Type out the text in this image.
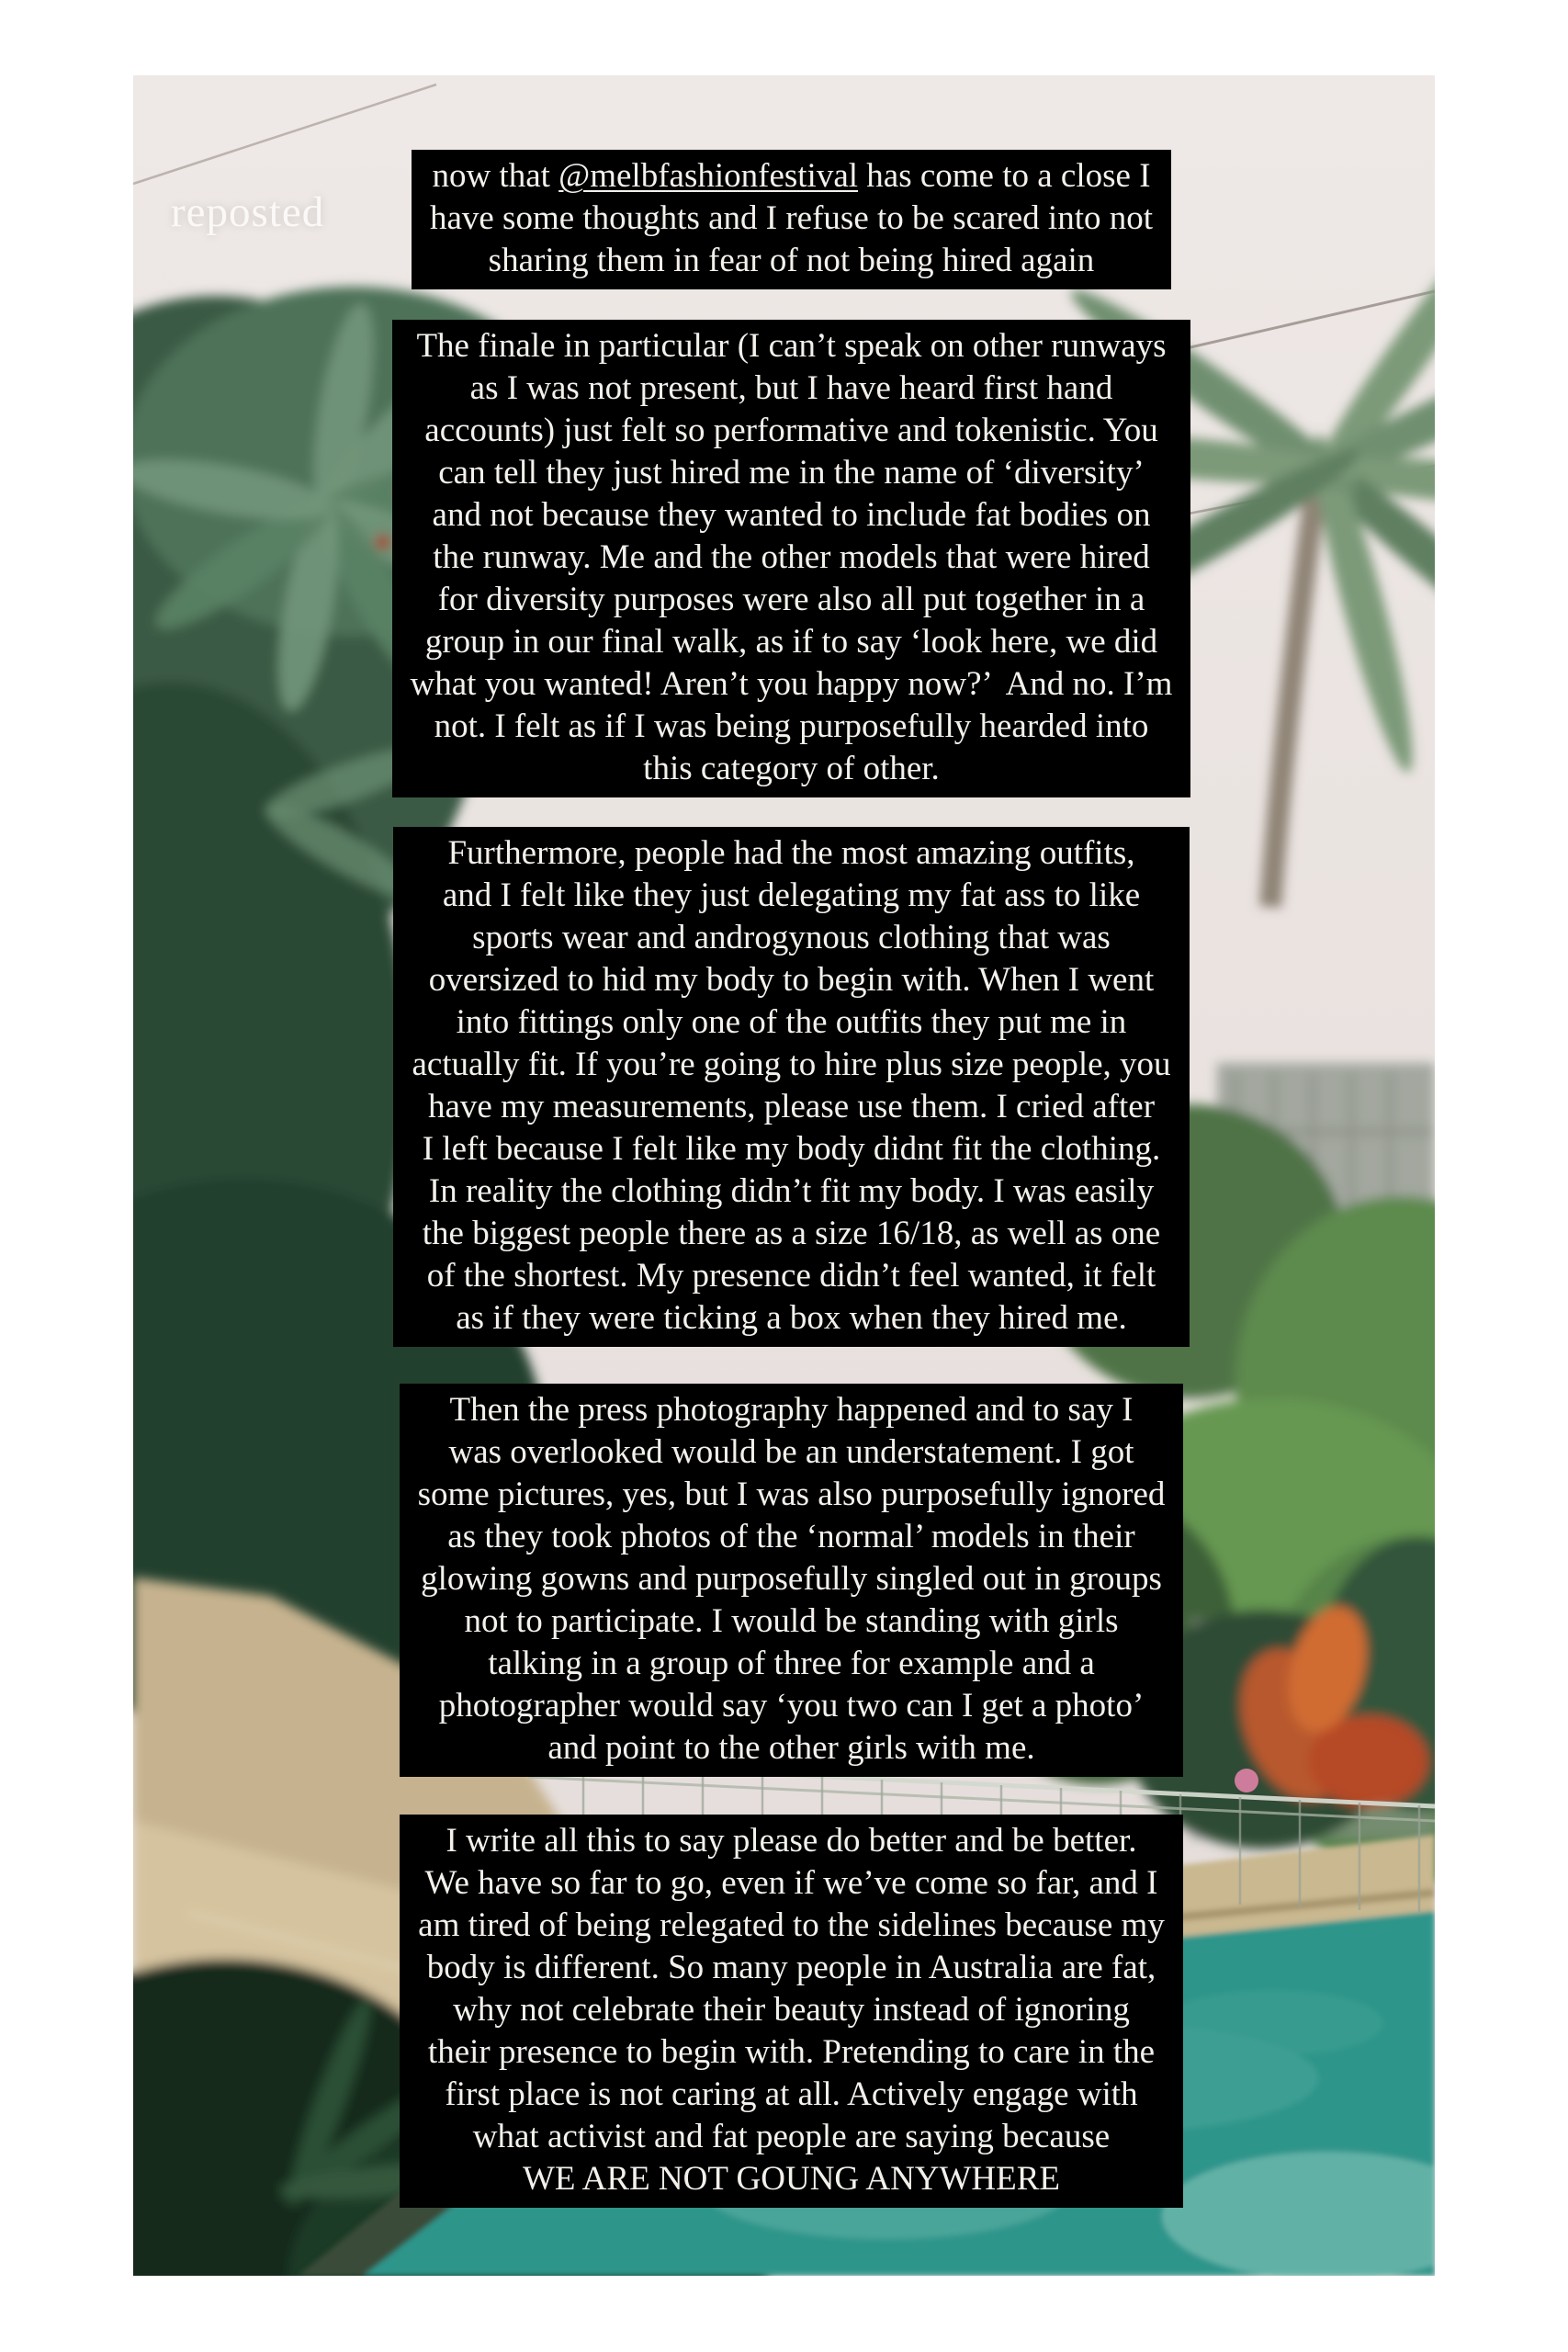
reposted
now that @melbfashionfestival has come to a close I
have some thoughts and I refuse to be scared into not
sharing them in fear of not being hired again
The finale in particular (I can’t speak on other runways
as I was not present, but I have heard first hand
accounts) just felt so performative and tokenistic. You
can tell they just hired me in the name of ‘diversity’
and not because they wanted to include fat bodies on
the runway. Me and the other models that were hired
for diversity purposes were also all put together in a
group in our final walk, as if to say ‘look here, we did
what you wanted! Aren’t you happy now?’  And no. I’m
not. I felt as if I was being purposefully hearded into
this category of other.
Furthermore, people had the most amazing outfits,
and I felt like they just delegating my fat ass to like
sports wear and androgynous clothing that was
oversized to hid my body to begin with. When I went
into fittings only one of the outfits they put me in
actually fit. If you’re going to hire plus size people, you
have my measurements, please use them. I cried after
I left because I felt like my body didnt fit the clothing.
In reality the clothing didn’t fit my body. I was easily
the biggest people there as a size 16/18, as well as one
of the shortest. My presence didn’t feel wanted, it felt
as if they were ticking a box when they hired me.
Then the press photography happened and to say I
was overlooked would be an understatement. I got
some pictures, yes, but I was also purposefully ignored
as they took photos of the ‘normal’ models in their
glowing gowns and purposefully singled out in groups
not to participate. I would be standing with girls
talking in a group of three for example and a
photographer would say ‘you two can I get a photo’
and point to the other girls with me.
I write all this to say please do better and be better.
We have so far to go, even if we’ve come so far, and I
am tired of being relegated to the sidelines because my
body is different. So many people in Australia are fat,
why not celebrate their beauty instead of ignoring
their presence to begin with. Pretending to care in the
first place is not caring at all. Actively engage with
what activist and fat people are saying because
WE ARE NOT GOUNG ANYWHERE
